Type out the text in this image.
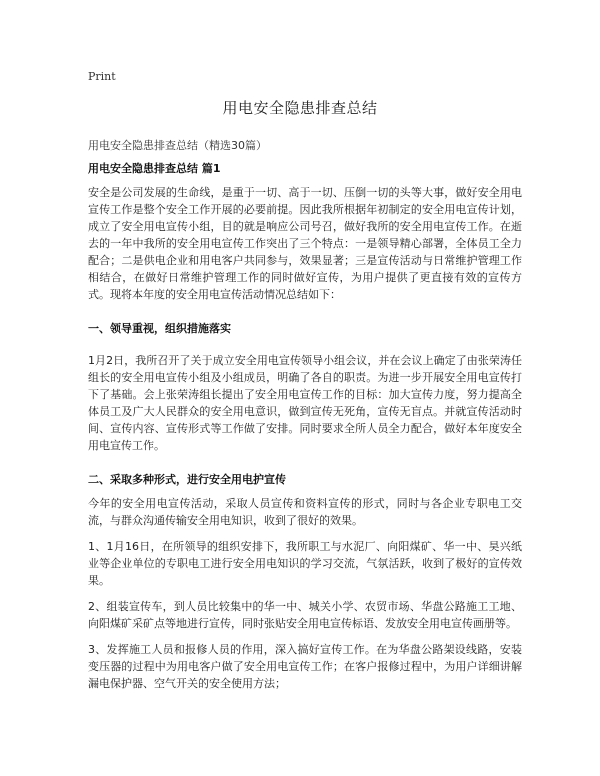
Print
用电安全隐患排查总结
用电安全隐患排查总结（精选30篇）
用电安全隐患排查总结 篇1

安全是公司发展的生命线，是重于一切、高于一切、压倒一切的头等大事，做好安全用电宣传工作是整个安全工作开展的必要前提。因此我所根据年初制定的安全用电宣传计划，成立了安全用电宣传小组，目的就是响应公司号召，做好我所的安全用电宣传工作。在逝去的一年中我所的安全用电宣传工作突出了三个特点：一是领导精心部署，全体员工全力配合；二是供电企业和用电客户共同参与，效果显著；三是宣传活动与日常维护管理工作相结合，在做好日常维护管理工作的同时做好宣传，为用户提供了更直接有效的宣传方式。现将本年度的安全用电宣传活动情况总结如下：

一、领导重视，组织措施落实

1月2日，我所召开了关于成立安全用电宣传领导小组会议，并在会议上确定了由张荣涛任组长的安全用电宣传小组及小组成员，明确了各自的职责。为进一步开展安全用电宣传打下了基础。会上张荣涛组长提出了安全用电宣传工作的目标：加大宣传力度，努力提高全体员工及广大人民群众的安全用电意识，做到宣传无死角，宣传无盲点。并就宣传活动时间、宣传内容、宣传形式等工作做了安排。同时要求全所人员全力配合，做好本年度安全用电宣传工作。

二、采取多种形式，进行安全用电护宣传

今年的安全用电宣传活动，采取人员宣传和资料宣传的形式，同时与各企业专职电工交流，与群众沟通传输安全用电知识，收到了很好的效果。

1、1月16日，在所领导的组织安排下，我所职工与水泥厂、向阳煤矿、华一中、昊兴纸业等企业单位的专职电工进行安全用电知识的学习交流，气氛活跃，收到了极好的宣传效果。

2、组装宣传车，到人员比较集中的华一中、城关小学、农贸市场、华盘公路施工工地、向阳煤矿采矿点等地进行宣传，同时张贴安全用电宣传标语、发放安全用电宣传画册等。

3、发挥施工人员和报修人员的作用，深入搞好宣传工作。在为华盘公路架设线路，安装变压器的过程中为用电客户做了安全用电宣传工作；在客户报修过程中，为用户详细讲解漏电保护器、空气开关的安全使用方法；
